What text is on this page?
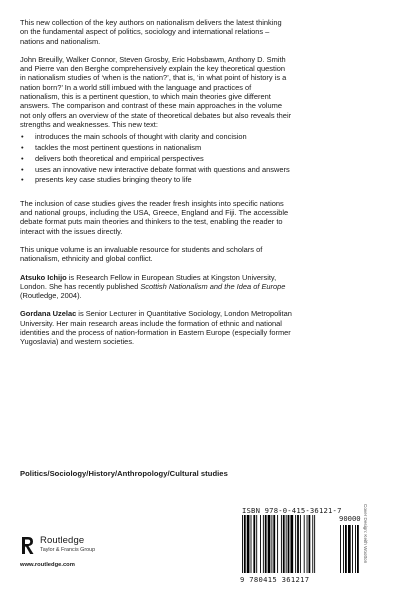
This new collection of the key authors on nationalism delivers the latest thinking on the fundamental aspect of politics, sociology and international relations – nations and nationalism.

John Breuilly, Walker Connor, Steven Grosby, Eric Hobsbawm, Anthony D. Smith and Pierre van den Berghe comprehensively explain the key theoretical question in nationalism studies of ‘when is the nation?’, that is, ‘in what point of history is a nation born?’ In a world still imbued with the language and practices of nationalism, this is a pertinent question, to which main theories give different answers. The comparison and contrast of these main approaches in the volume not only offers an overview of the state of theoretical debates but also reveals their strengths and weaknesses. This new text:

• introduces the main schools of thought with clarity and concision
• tackles the most pertinent questions in nationalism
• delivers both theoretical and empirical perspectives
• uses an innovative new interactive debate format with questions and answers
• presents key case studies bringing theory to life

The inclusion of case studies gives the reader fresh insights into specific nations and national groups, including the USA, Greece, England and Fiji. The accessible debate format puts main theories and thinkers to the test, enabling the reader to interact with the issues directly.

This unique volume is an invaluable resource for students and scholars of nationalism, ethnicity and global conflict.

Atsuko Ichijo is Research Fellow in European Studies at Kingston University, London. She has recently published Scottish Nationalism and the Idea of Europe (Routledge, 2004).

Gordana Uzelac is Senior Lecturer in Quantitative Sociology, London Metropolitan University. Her main research areas include the formation of ethnic and national identities and the process of nation-formation in Eastern Europe (especially former Yugoslavia) and western societies.

Politics/Sociology/History/Anthropology/Cultural studies
Routledge
Taylor & Francis Group
www.routledge.com
ISBN 978-0-415-36121-7
90000
9 780415 361217
Cover Design: Keith Wootton
